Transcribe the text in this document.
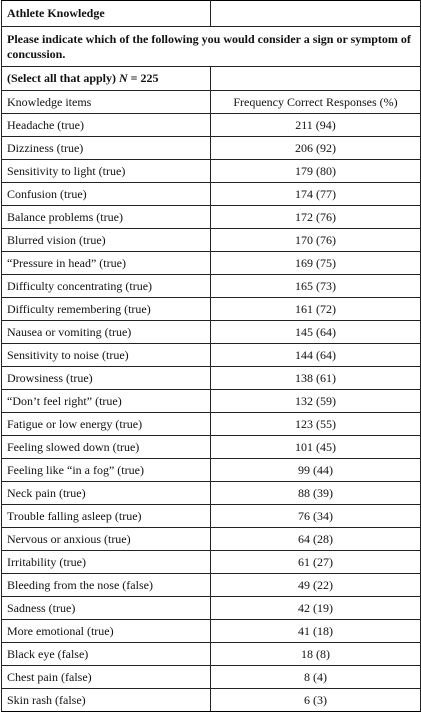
Athlete Knowledge	
Please indicate which of the following you would consider a sign or symptom of concussion.	
(Select all that apply) N = 225	
Knowledge items	Frequency Correct Responses (%)
Headache (true)	211 (94)
Dizziness (true)	206 (92)
Sensitivity to light (true)	179 (80)
Confusion (true)	174 (77)
Balance problems (true)	172 (76)
Blurred vision (true)	170 (76)
“Pressure in head” (true)	169 (75)
Difficulty concentrating (true)	165 (73)
Difficulty remembering (true)	161 (72)
Nausea or vomiting (true)	145 (64)
Sensitivity to noise (true)	144 (64)
Drowsiness (true)	138 (61)
“Don’t feel right” (true)	132 (59)
Fatigue or low energy (true)	123 (55)
Feeling slowed down (true)	101 (45)
Feeling like “in a fog” (true)	99 (44)
Neck pain (true)	88 (39)
Trouble falling asleep (true)	76 (34)
Nervous or anxious (true)	64 (28)
Irritability (true)	61 (27)
Bleeding from the nose (false)	49 (22)
Sadness (true)	42 (19)
More emotional (true)	41 (18)
Black eye (false)	18 (8)
Chest pain (false)	8 (4)
Skin rash (false)	6 (3)
